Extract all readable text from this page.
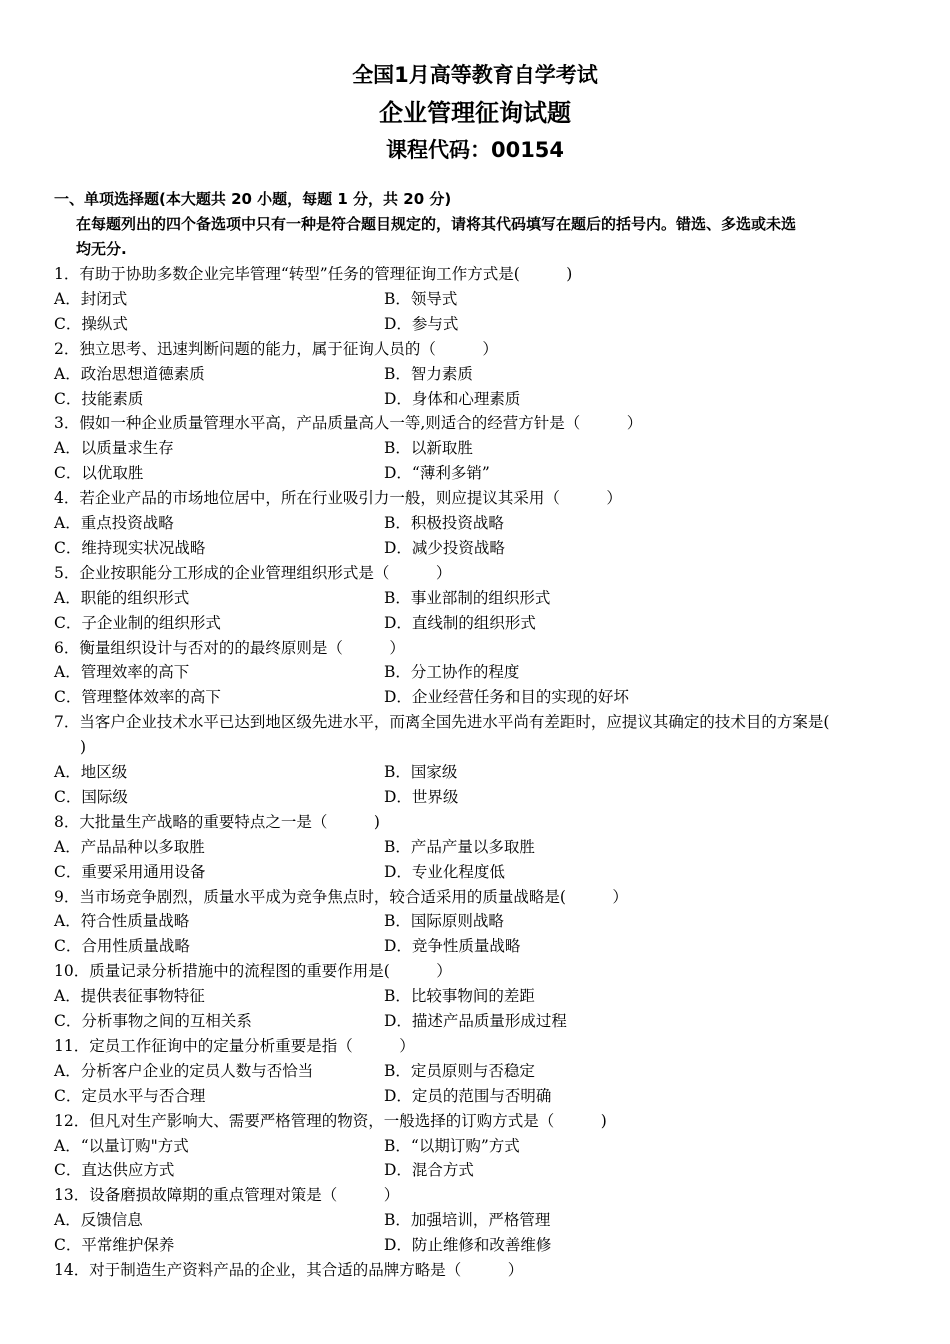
全国1月高等教育自学考试
企业管理征询试题
课程代码：00154
一、单项选择题(本大题共 20 小题，每题 1 分，共 20 分)
在每题列出的四个备选项中只有一种是符合题目规定的，请将其代码填写在题后的括号内。错选、多选或未选
均无分.
1．有助于协助多数企业完毕管理“转型”任务的管理征询工作方式是(　　　)
A．封闭式	B．领导式
C．操纵式	D．参与式
2．独立思考、迅速判断问题的能力，属于征询人员的（　　　）
A．政治思想道德素质	B．智力素质
C．技能素质	D．身体和心理素质
3．假如一种企业质量管理水平高，产品质量高人一等,则适合的经营方针是（　　　）
A．以质量求生存	B．以新取胜
C．以优取胜	D．“薄利多销”
4．若企业产品的市场地位居中，所在行业吸引力一般，则应提议其采用（　　　）
A．重点投资战略	B．积极投资战略
C．维持现实状况战略	D．减少投资战略
5．企业按职能分工形成的企业管理组织形式是（　　　）
A．职能的组织形式	B．事业部制的组织形式
C．子企业制的组织形式	D．直线制的组织形式
6．衡量组织设计与否对的的最终原则是（　　　）
A．管理效率的高下	B．分工协作的程度
C．管理整体效率的高下	D．企业经营任务和目的实现的好坏
7．当客户企业技术水平已达到地区级先进水平，而离全国先进水平尚有差距时，应提议其确定的技术目的方案是(
)
A．地区级	B．国家级
C．国际级	D．世界级
8．大批量生产战略的重要特点之一是（　　　)
A．产品品种以多取胜	B．产品产量以多取胜
C．重要采用通用设备	D．专业化程度低
9．当市场竞争剧烈，质量水平成为竞争焦点时，较合适采用的质量战略是(　　　）
A．符合性质量战略	B．国际原则战略
C．合用性质量战略	D．竞争性质量战略
10．质量记录分析措施中的流程图的重要作用是(　　　）
A．提供表征事物特征	B．比较事物间的差距
C．分析事物之间的互相关系	D．描述产品质量形成过程
11．定员工作征询中的定量分析重要是指（　　　）
A．分析客户企业的定员人数与否恰当	B．定员原则与否稳定
C．定员水平与否合理	D．定员的范围与否明确
12．但凡对生产影响大、需要严格管理的物资，一般选择的订购方式是（　　　)
A．“以量订购"方式	B．“以期订购”方式
C．直达供应方式	D．混合方式
13．设备磨损故障期的重点管理对策是（　　　）
A．反馈信息	B．加强培训，严格管理
C．平常维护保养	D．防止维修和改善维修
14．对于制造生产资料产品的企业，其合适的品牌方略是（　　　）
